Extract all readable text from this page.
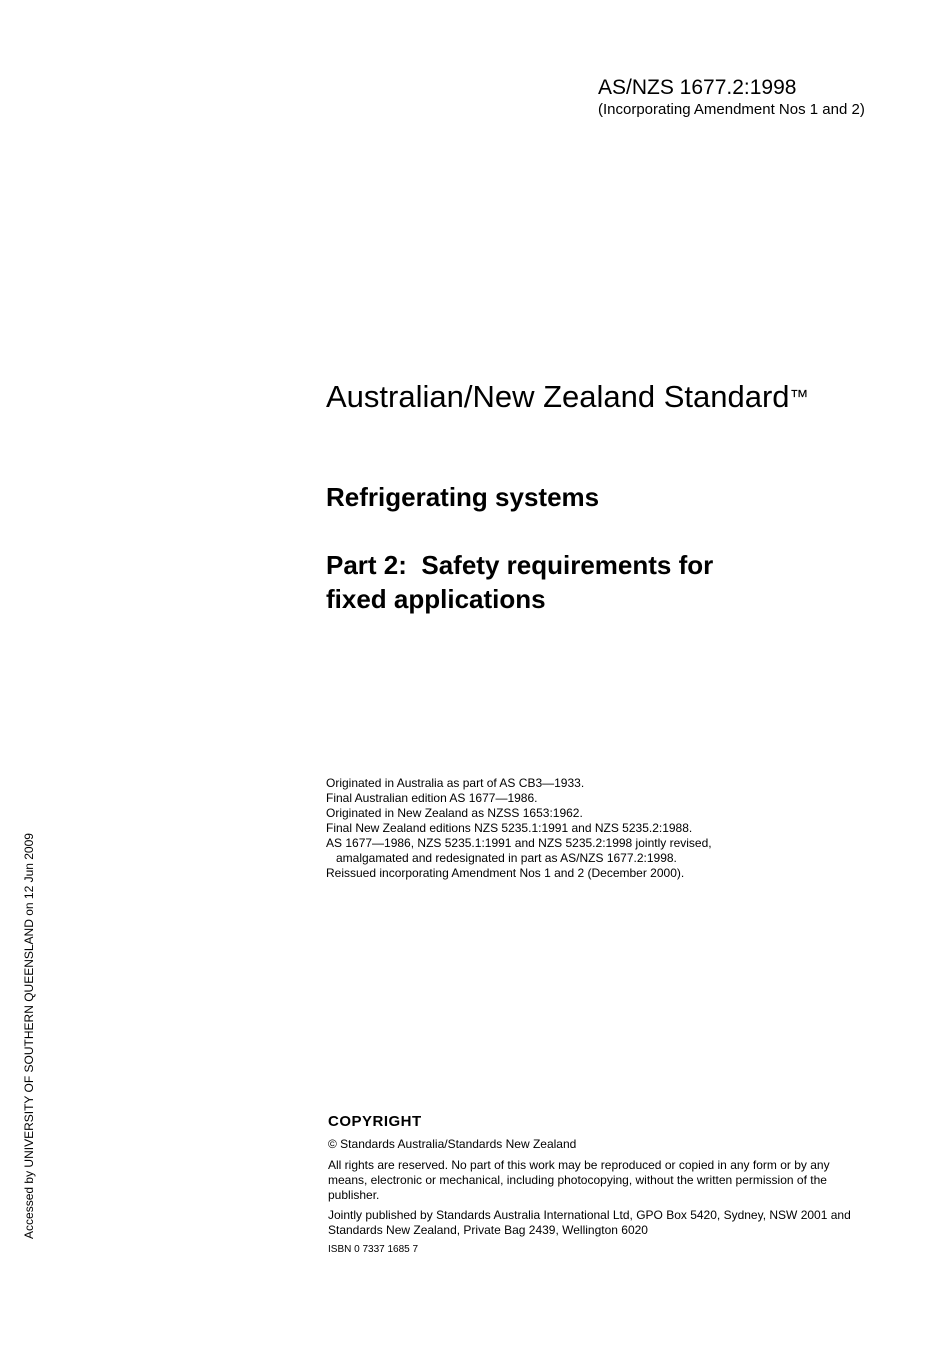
AS/NZS 1677.2:1998
(Incorporating Amendment Nos 1 and 2)
Australian/New Zealand Standard™
Refrigerating systems
Part 2:  Safety requirements for
fixed applications
Originated in Australia as part of AS CB3—1933.
Final Australian edition AS 1677—1986.
Originated in New Zealand as NZSS 1653:1962.
Final New Zealand editions NZS 5235.1:1991 and NZS 5235.2:1988.
AS 1677—1986, NZS 5235.1:1991 and NZS 5235.2:1998 jointly revised,
amalgamated and redesignated in part as AS/NZS 1677.2:1998.
Reissued incorporating Amendment Nos 1 and 2 (December 2000).
COPYRIGHT
© Standards Australia/Standards New Zealand
All rights are reserved. No part of this work may be reproduced or copied in any form or by any means, electronic or mechanical, including photocopying, without the written permission of the publisher.
Jointly published by Standards Australia International Ltd, GPO Box 5420, Sydney, NSW 2001 and Standards New Zealand, Private Bag 2439, Wellington 6020
ISBN 0 7337 1685 7
Accessed by UNIVERSITY OF SOUTHERN QUEENSLAND on 12 Jun 2009
